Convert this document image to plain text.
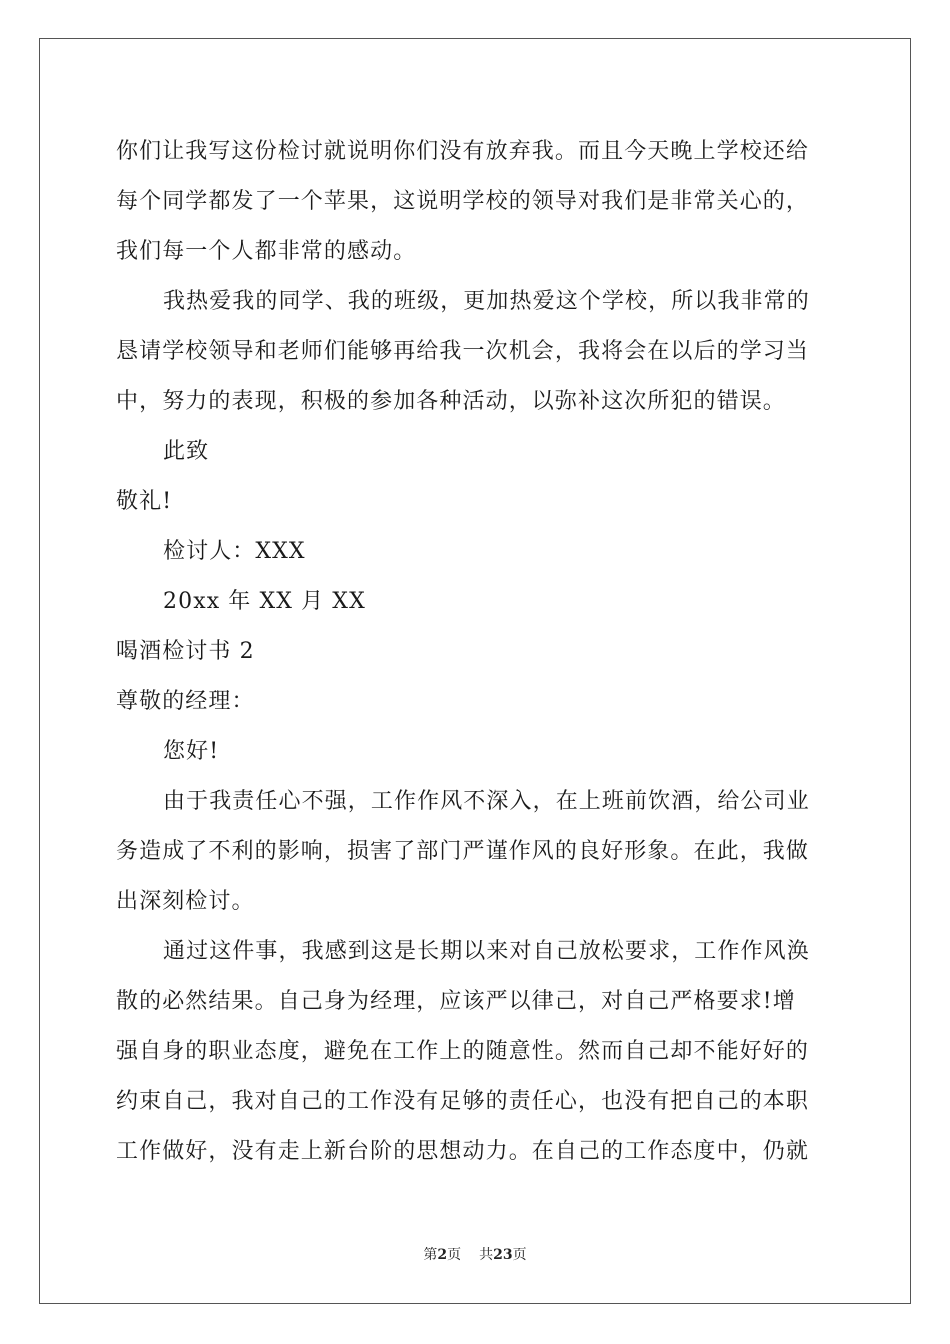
你们让我写这份检讨就说明你们没有放弃我。而且今天晚上学校还给
每个同学都发了一个苹果，这说明学校的领导对我们是非常关心的，
我们每一个人都非常的感动。
我热爱我的同学、我的班级，更加热爱这个学校，所以我非常的
恳请学校领导和老师们能够再给我一次机会，我将会在以后的学习当
中，努力的表现，积极的参加各种活动，以弥补这次所犯的错误。
此致
敬礼!
检讨人：XXX
20xx 年 XX 月 XX
喝酒检讨书 2
尊敬的经理：
您好!
由于我责任心不强，工作作风不深入，在上班前饮酒，给公司业
务造成了不利的影响，损害了部门严谨作风的良好形象。在此，我做
出深刻检讨。
通过这件事，我感到这是长期以来对自己放松要求，工作作风涣
散的必然结果。自己身为经理，应该严以律己，对自己严格要求!增
强自身的职业态度，避免在工作上的随意性。然而自己却不能好好的
约束自己，我对自己的工作没有足够的责任心，也没有把自己的本职
工作做好，没有走上新台阶的思想动力。在自己的工作态度中，仍就
第2页 共23页
